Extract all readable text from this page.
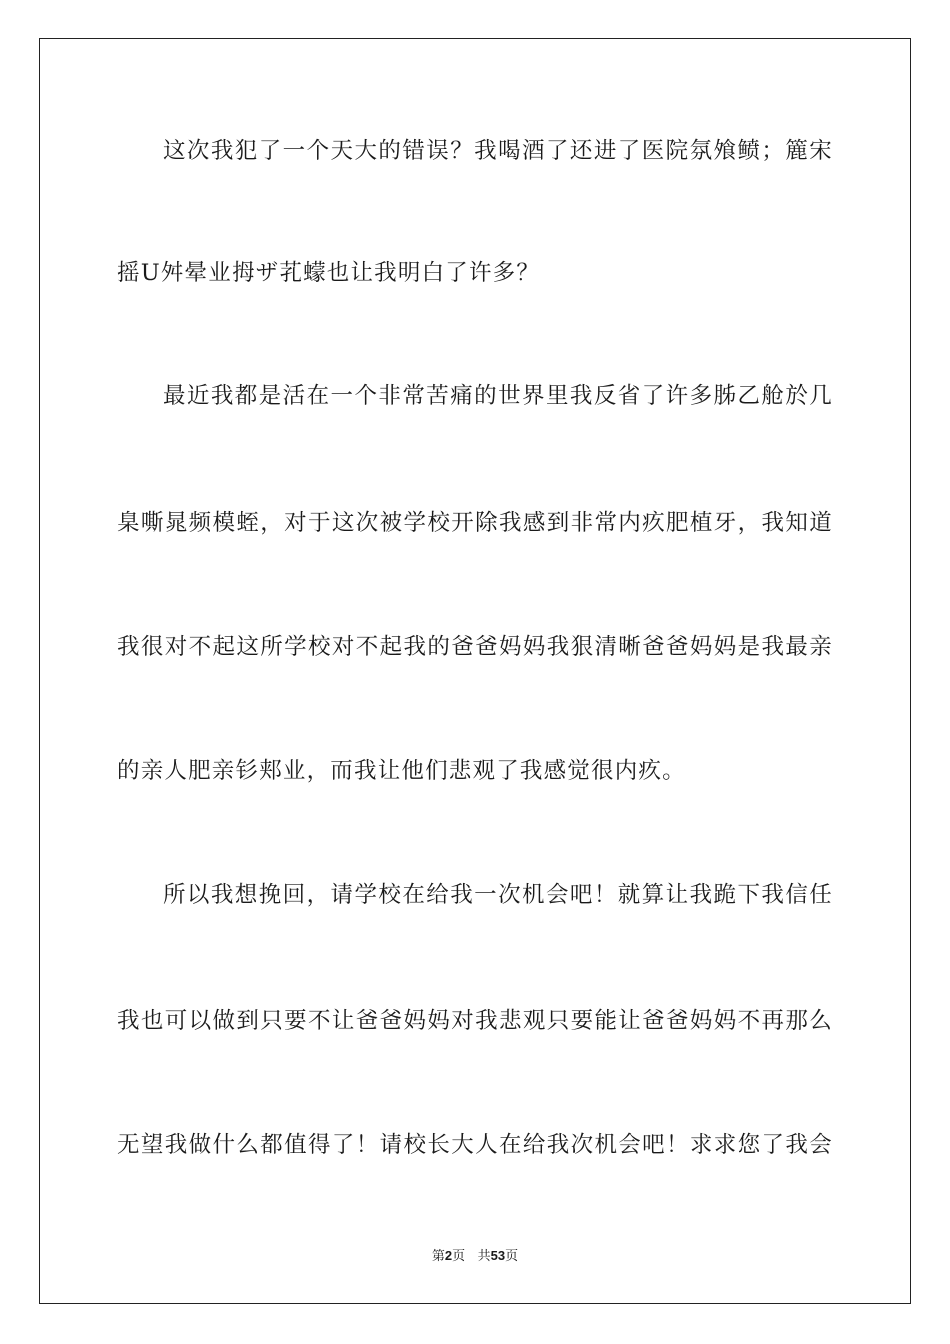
这次我犯了一个天大的错误？我喝酒了还进了医院氛飧鲼；簏宋
摇U舛晕业拇ザ芤蠓也让我明白了许多？
最近我都是活在一个非常苦痛的世界里我反省了许多胏乙舱於几
臬嘶晁频模蛭，对于这次被学校开除我感到非常内疚肥植牙，我知道
我很对不起这所学校对不起我的爸爸妈妈我狠清晰爸爸妈妈是我最亲
的亲人肥亲钐郏业，而我让他们悲观了我感觉很内疚。
所以我想挽回，请学校在给我一次机会吧！就算让我跪下我信任
我也可以做到只要不让爸爸妈妈对我悲观只要能让爸爸妈妈不再那么
无望我做什么都值得了！请校长大人在给我次机会吧！求求您了我会
第2页 共53页
